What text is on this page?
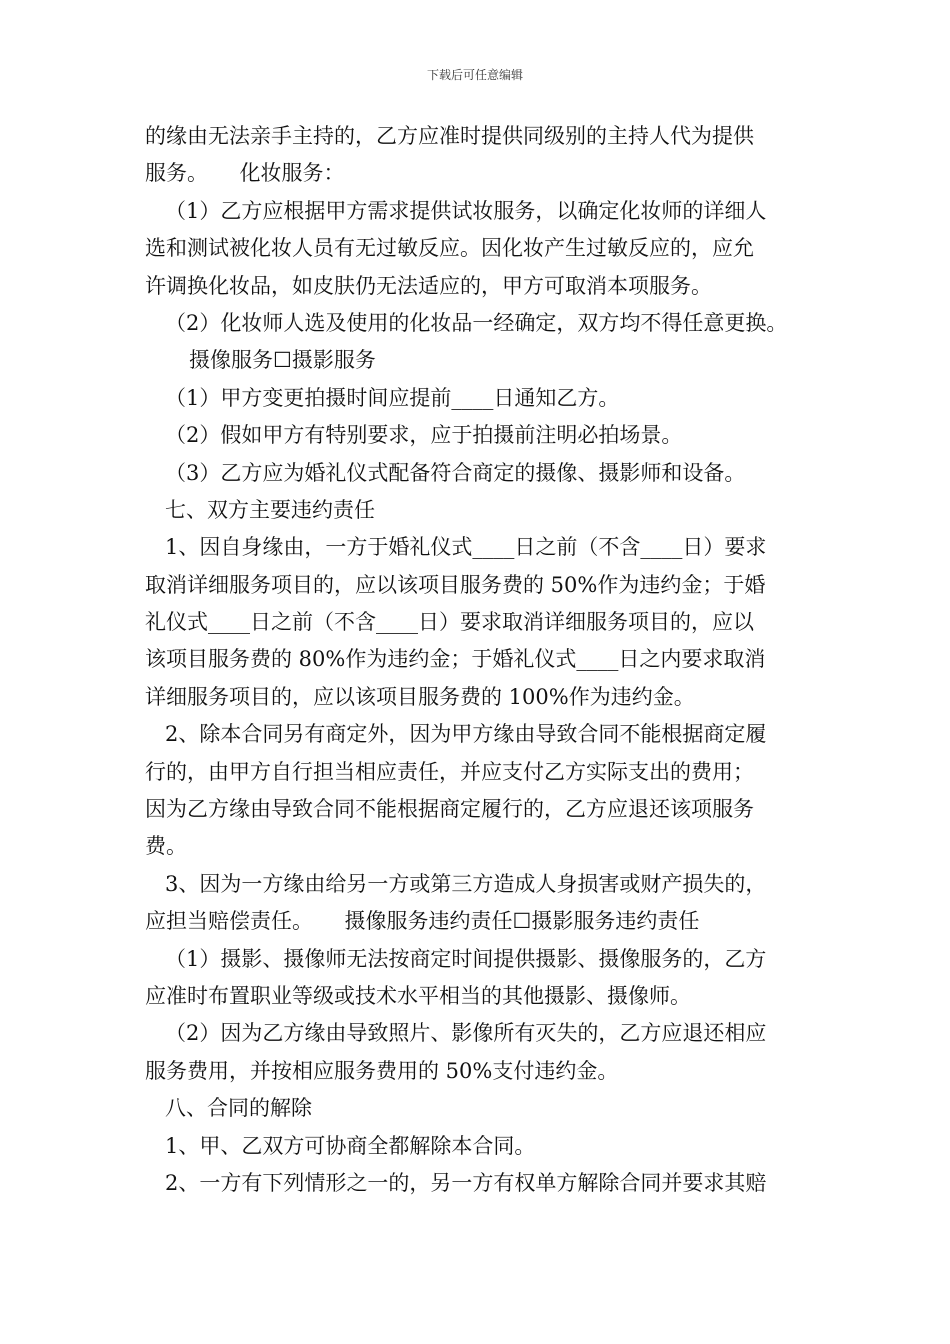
下载后可任意编辑
的缘由无法亲手主持的，乙方应准时提供同级别的主持人代为提供
服务。　　化妆服务：
（1）乙方应根据甲方需求提供试妆服务，以确定化妆师的详细人
选和测试被化妆人员有无过敏反应。因化妆产生过敏反应的，应允
许调换化妆品，如皮肤仍无法适应的，甲方可取消本项服务。
（2）化妆师人选及使用的化妆品一经确定，双方均不得任意更换。
摄像服务☐摄影服务
（1）甲方变更拍摄时间应提前____日通知乙方。
（2）假如甲方有特别要求，应于拍摄前注明必拍场景。
（3）乙方应为婚礼仪式配备符合商定的摄像、摄影师和设备。
七、双方主要违约责任
1、因自身缘由，一方于婚礼仪式____日之前（不含____日）要求
取消详细服务项目的，应以该项目服务费的 50%作为违约金；于婚
礼仪式____日之前（不含____日）要求取消详细服务项目的，应以
该项目服务费的 80%作为违约金；于婚礼仪式____日之内要求取消
详细服务项目的，应以该项目服务费的 100%作为违约金。
2、除本合同另有商定外，因为甲方缘由导致合同不能根据商定履
行的，由甲方自行担当相应责任，并应支付乙方实际支出的费用；
因为乙方缘由导致合同不能根据商定履行的，乙方应退还该项服务
费。
3、因为一方缘由给另一方或第三方造成人身损害或财产损失的，
应担当赔偿责任。　　摄像服务违约责任☐摄影服务违约责任
（1）摄影、摄像师无法按商定时间提供摄影、摄像服务的，乙方
应准时布置职业等级或技术水平相当的其他摄影、摄像师。
（2）因为乙方缘由导致照片、影像所有灭失的，乙方应退还相应
服务费用，并按相应服务费用的 50%支付违约金。
八、合同的解除
1、甲、乙双方可协商全都解除本合同。
2、一方有下列情形之一的，另一方有权单方解除合同并要求其赔
